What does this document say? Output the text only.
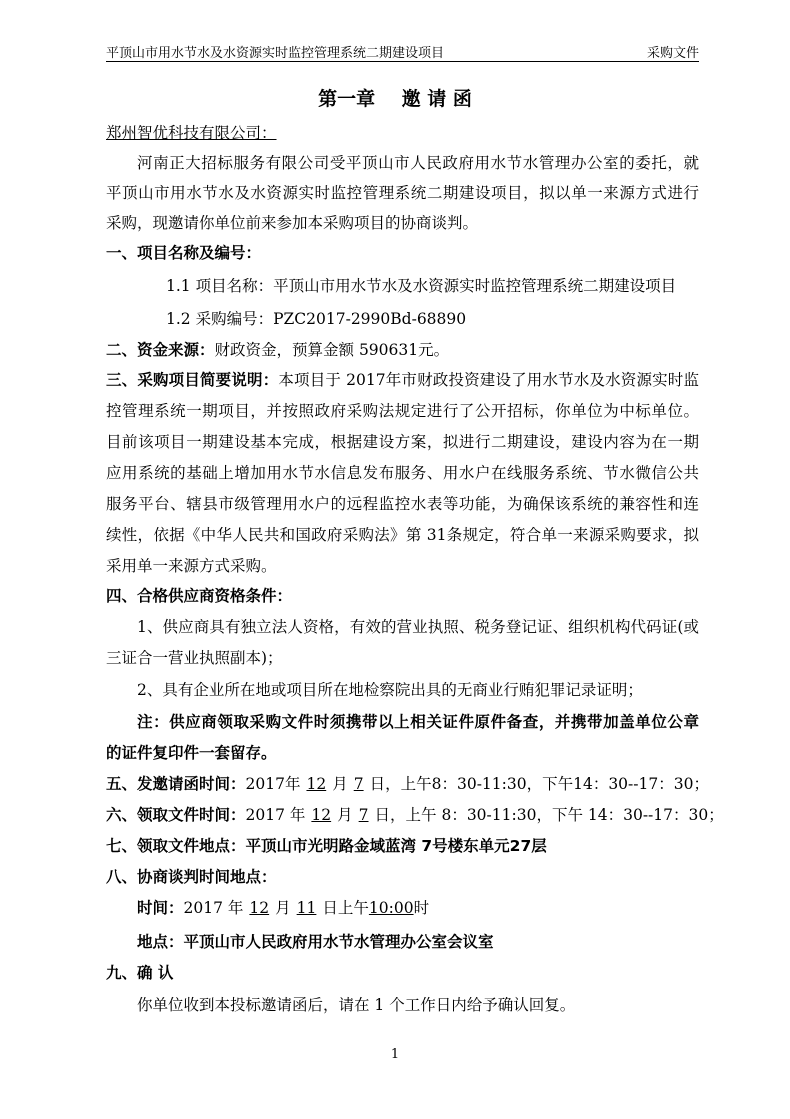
平顶山市用水节水及水资源实时监控管理系统二期建设项目	采购文件
第一章    邀 请 函
郑州智优科技有限公司：
河南正大招标服务有限公司受平顶山市人民政府用水节水管理办公室的委托，就
平顶山市用水节水及水资源实时监控管理系统二期建设项目，拟以单一来源方式进行
采购，现邀请你单位前来参加本采购项目的协商谈判。
一、项目名称及编号：
1.1 项目名称：平顶山市用水节水及水资源实时监控管理系统二期建设项目
1.2 采购编号：PZC2017-2990Bd-68890
二、资金来源：财政资金，预算金额 590631元。
三、采购项目简要说明：本项目于 2017年市财政投资建设了用水节水及水资源实时监
控管理系统一期项目，并按照政府采购法规定进行了公开招标，你单位为中标单位。
目前该项目一期建设基本完成，根据建设方案，拟进行二期建设，建设内容为在一期
应用系统的基础上增加用水节水信息发布服务、用水户在线服务系统、节水微信公共
服务平台、辖县市级管理用水户的远程监控水表等功能，为确保该系统的兼容性和连
续性，依据《中华人民共和国政府采购法》第 31条规定，符合单一来源采购要求，拟
采用单一来源方式采购。
四、合格供应商资格条件：
1、供应商具有独立法人资格，有效的营业执照、税务登记证、组织机构代码证(或
三证合一营业执照副本)；
2、具有企业所在地或项目所在地检察院出具的无商业行贿犯罪记录证明；
注：供应商领取采购文件时须携带以上相关证件原件备查，并携带加盖单位公章
的证件复印件一套留存。
五、发邀请函时间：2017年 12 月 7 日，上午8：30-11:30，下午14：30--17：30；
六、领取文件时间：2017 年 12 月 7 日，上午 8：30-11:30，下午 14：30--17：30；
七、领取文件地点：平顶山市光明路金域蓝湾 7号楼东单元27层
八、协商谈判时间地点：
时间：2017 年 12 月 11 日上午10:00时
地点：平顶山市人民政府用水节水管理办公室会议室
九、确 认
你单位收到本投标邀请函后，请在 1 个工作日内给予确认回复。
1
